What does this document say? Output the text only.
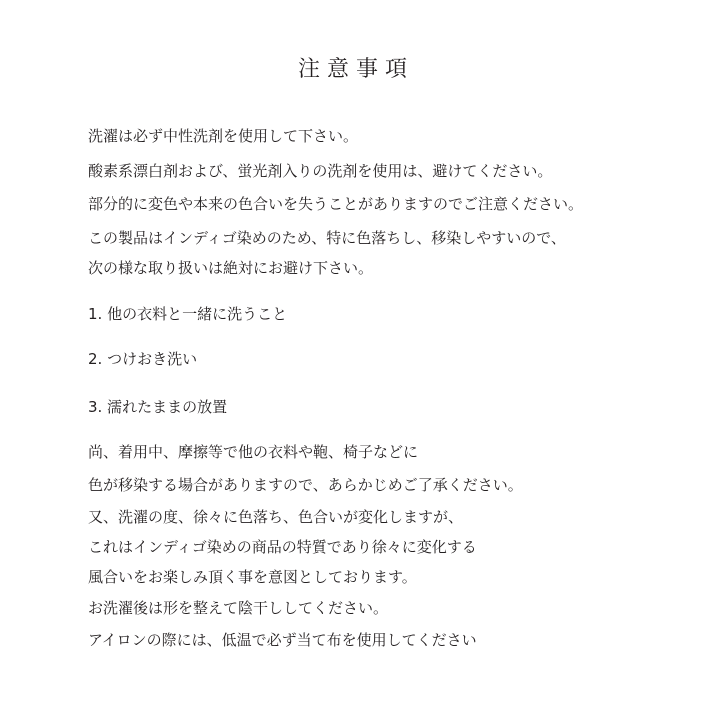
注意事項
洗濯は必ず中性洗剤を使用して下さい。
酸素系漂白剤および、蛍光剤入りの洗剤を使用は、避けてください。
部分的に変色や本来の色合いを失うことがありますのでご注意ください。
この製品はインディゴ染めのため、特に色落ちし、移染しやすいので、
次の様な取り扱いは絶対にお避け下さい。
1. 他の衣料と一緒に洗うこと
2. つけおき洗い
3. 濡れたままの放置
尚、着用中、摩擦等で他の衣料や鞄、椅子などに
色が移染する場合がありますので、あらかじめご了承ください。
又、洗濯の度、徐々に色落ち、色合いが変化しますが、
これはインディゴ染めの商品の特質であり徐々に変化する
風合いをお楽しみ頂く事を意図としております。
お洗濯後は形を整えて陰干ししてください。
アイロンの際には、低温で必ず当て布を使用してください
